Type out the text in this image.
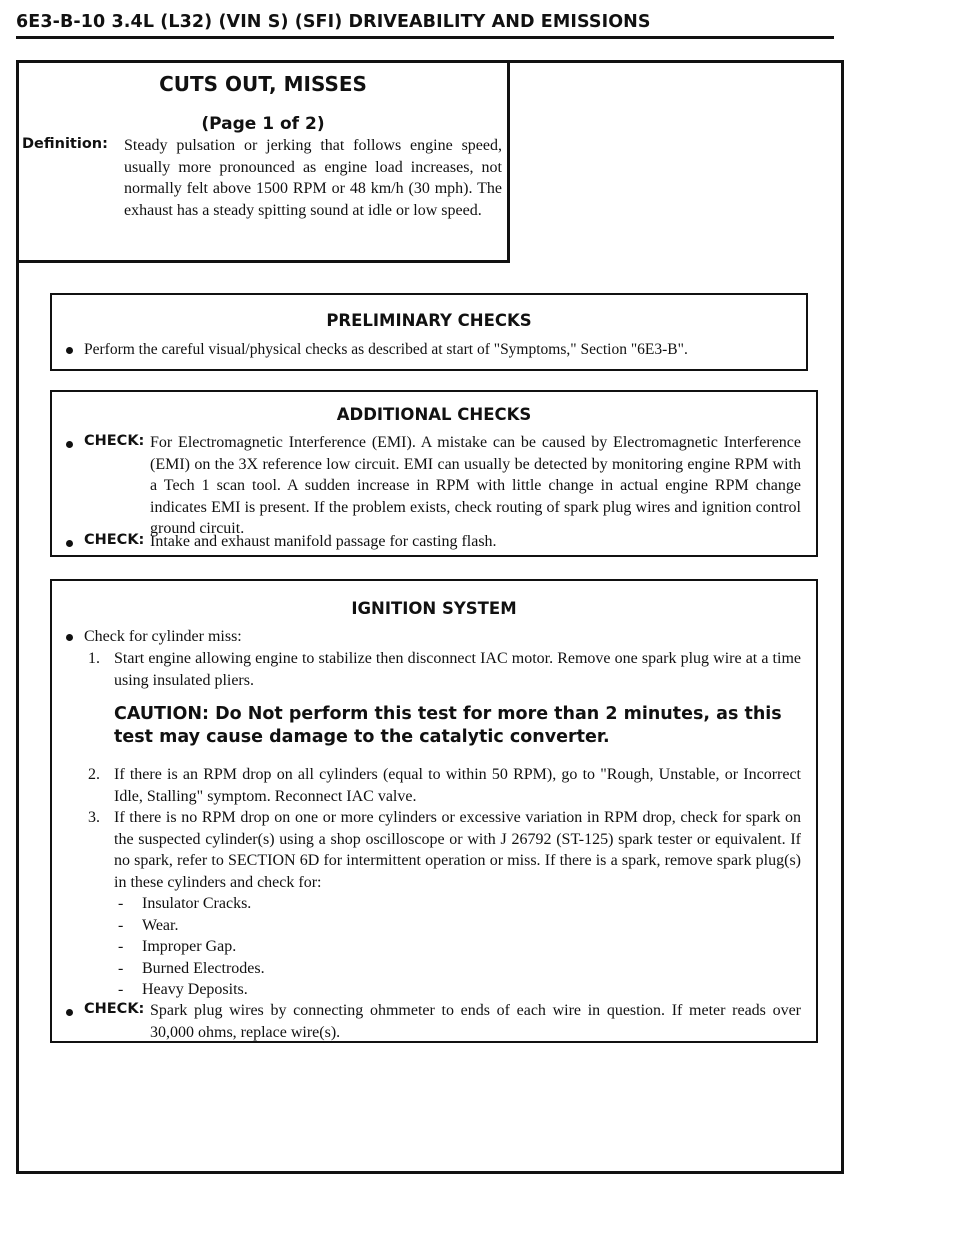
6E3-B-10 3.4L (L32) (VIN S) (SFI) DRIVEABILITY AND EMISSIONS
CUTS OUT, MISSES
(Page 1 of 2)
Definition: Steady pulsation or jerking that follows engine speed, usually more pronounced as engine load increases, not normally felt above 1500 RPM or 48 km/h (30 mph). The exhaust has a steady spitting sound at idle or low speed.
PRELIMINARY CHECKS
Perform the careful visual/physical checks as described at start of "Symptoms," Section "6E3-B".
ADDITIONAL CHECKS
CHECK: For Electromagnetic Interference (EMI). A mistake can be caused by Electromagnetic Interference (EMI) on the 3X reference low circuit. EMI can usually be detected by monitoring engine RPM with a Tech 1 scan tool. A sudden increase in RPM with little change in actual engine RPM change indicates EMI is present. If the problem exists, check routing of spark plug wires and ignition control ground circuit.
CHECK: Intake and exhaust manifold passage for casting flash.
IGNITION SYSTEM
Check for cylinder miss:
1. Start engine allowing engine to stabilize then disconnect IAC motor. Remove one spark plug wire at a time using insulated pliers.
CAUTION: Do Not perform this test for more than 2 minutes, as this test may cause damage to the catalytic converter.
2. If there is an RPM drop on all cylinders (equal to within 50 RPM), go to "Rough, Unstable, or Incorrect Idle, Stalling" symptom. Reconnect IAC valve.
3. If there is no RPM drop on one or more cylinders or excessive variation in RPM drop, check for spark on the suspected cylinder(s) using a shop oscilloscope or with J 26792 (ST-125) spark tester or equivalent. If no spark, refer to SECTION 6D for intermittent operation or miss. If there is a spark, remove spark plug(s) in these cylinders and check for:
- Insulator Cracks.
- Wear.
- Improper Gap.
- Burned Electrodes.
- Heavy Deposits.
CHECK: Spark plug wires by connecting ohmmeter to ends of each wire in question. If meter reads over 30,000 ohms, replace wire(s).
